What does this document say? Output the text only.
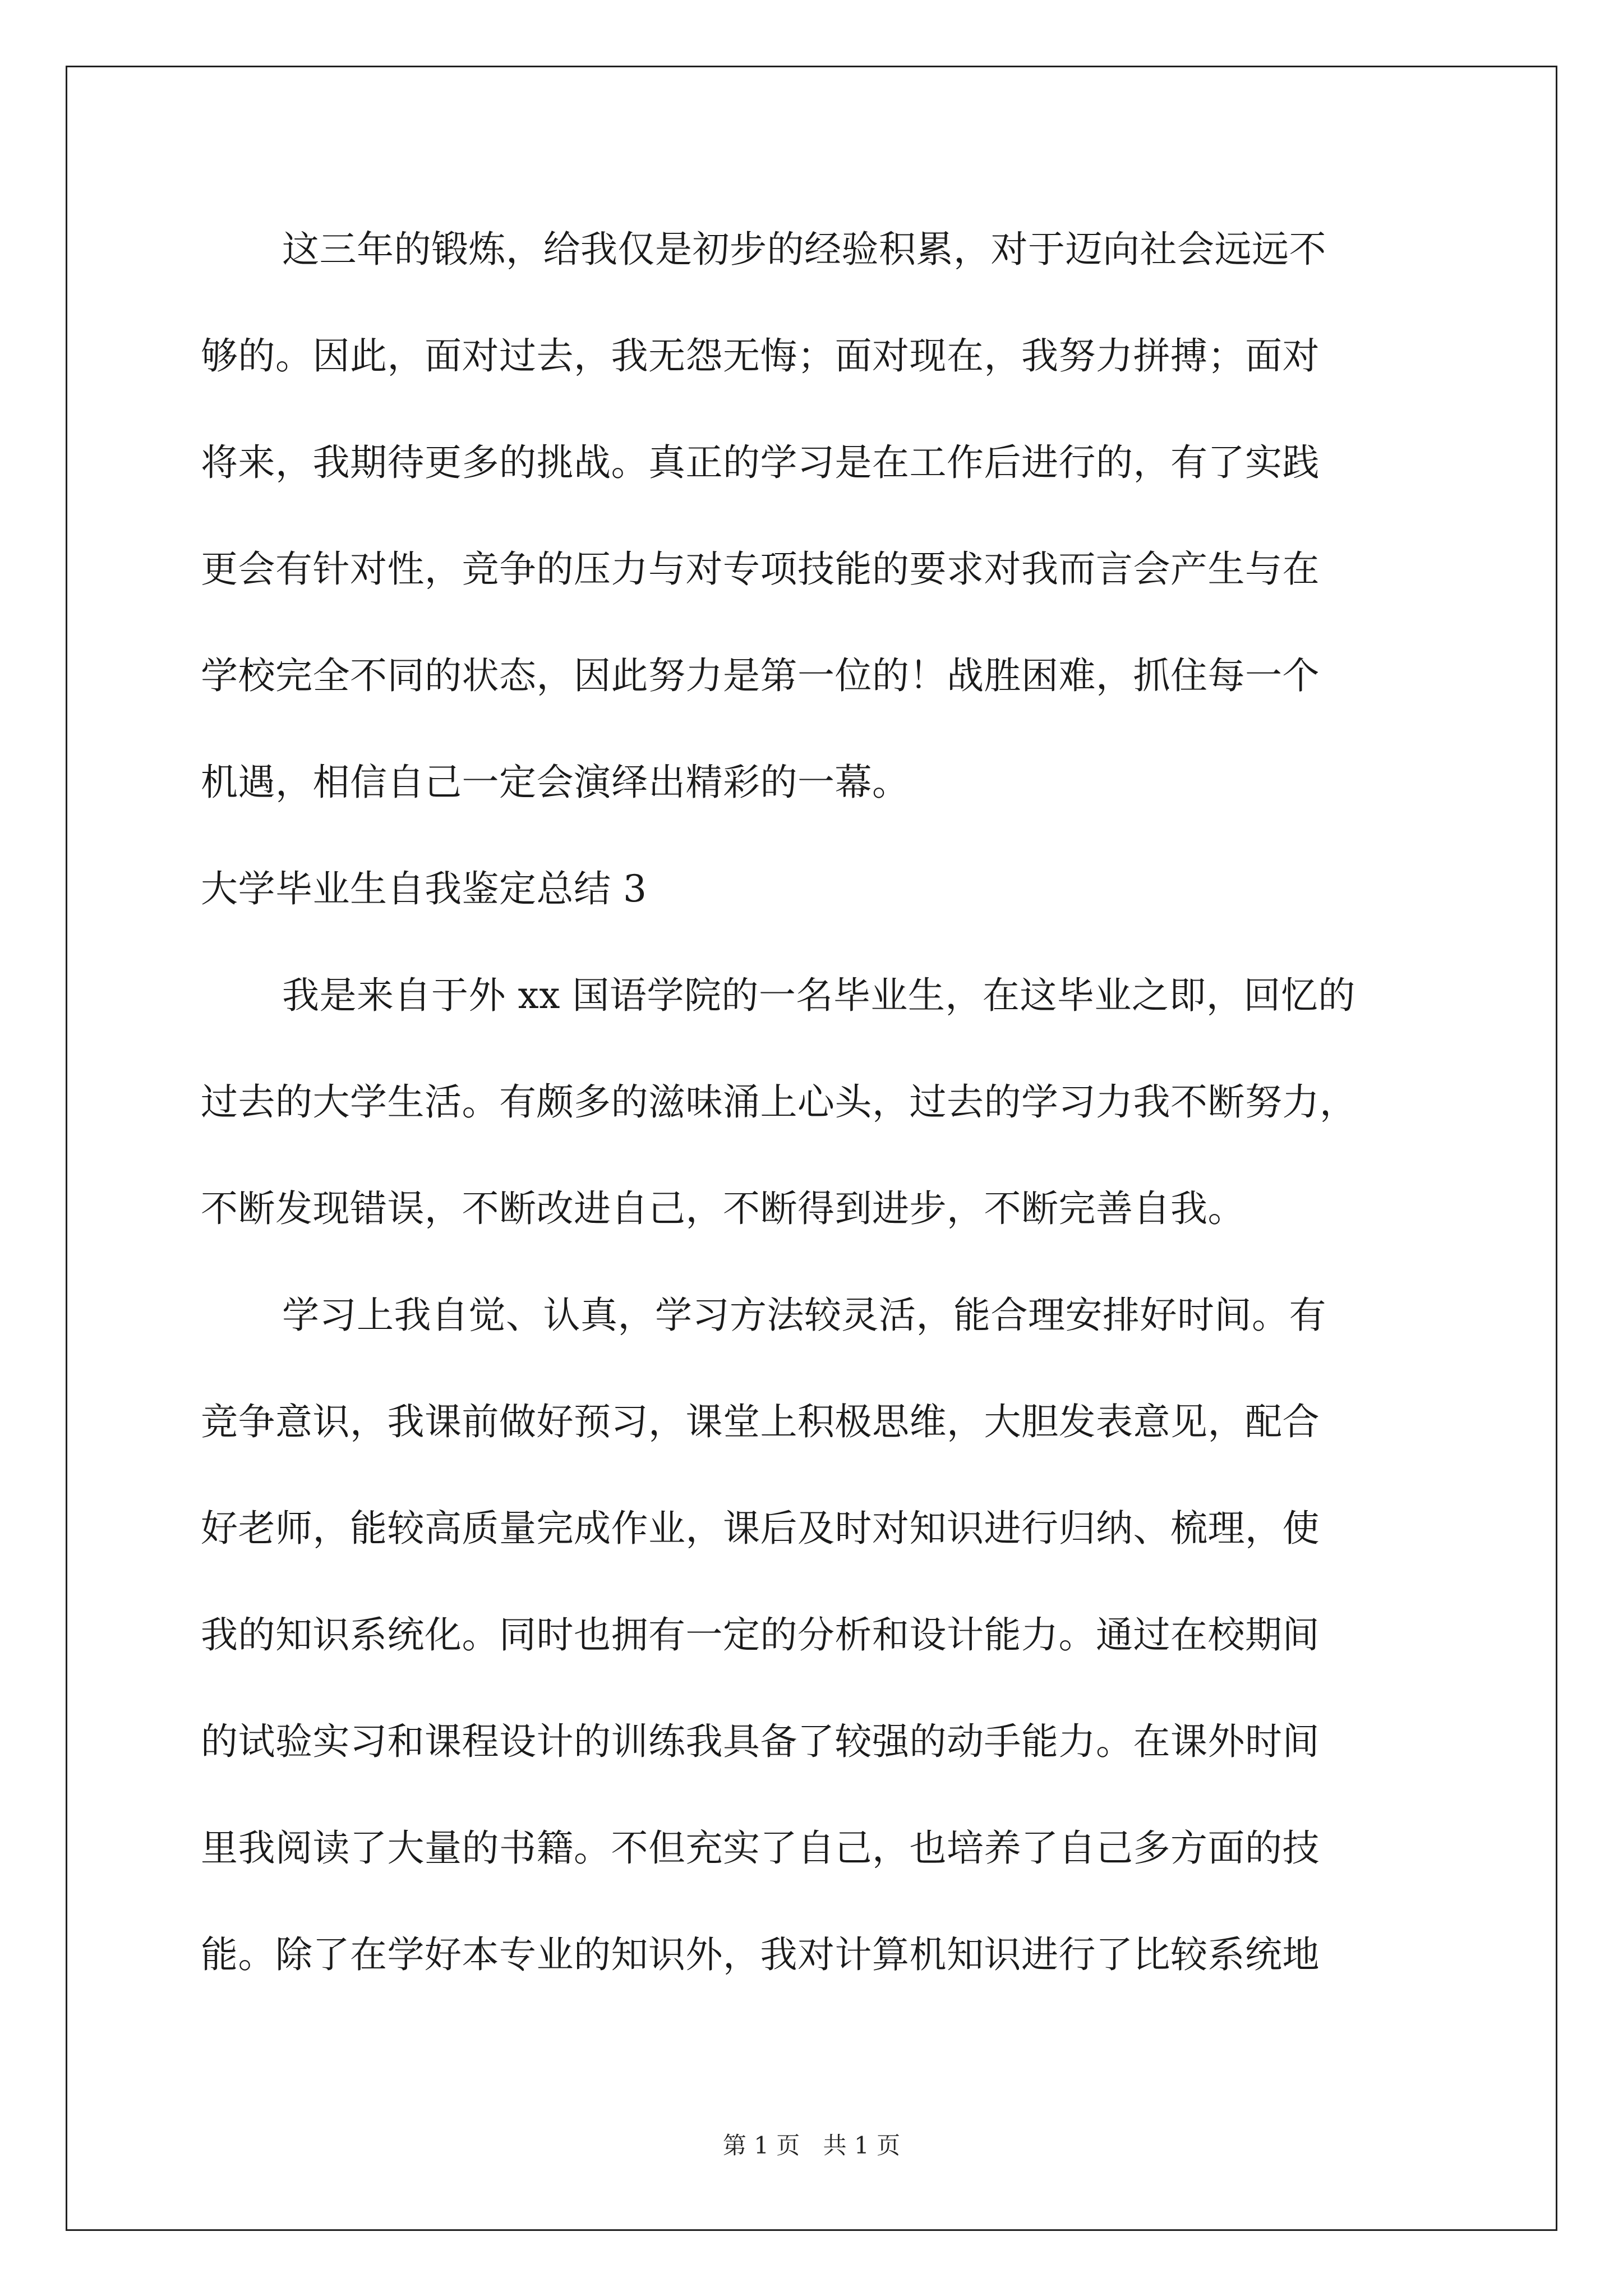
这三年的锻炼，给我仅是初步的经验积累，对于迈向社会远远不
够的。因此，面对过去，我无怨无悔；面对现在，我努力拼搏；面对
将来，我期待更多的挑战。真正的学习是在工作后进行的，有了实践
更会有针对性，竞争的压力与对专项技能的要求对我而言会产生与在
学校完全不同的状态，因此努力是第一位的！战胜困难，抓住每一个
机遇，相信自己一定会演绎出精彩的一幕。
大学毕业生自我鉴定总结 3
我是来自于外 xx 国语学院的一名毕业生，在这毕业之即，回忆的
过去的大学生活。有颇多的滋味涌上心头，过去的学习力我不断努力，
不断发现错误，不断改进自己，不断得到进步，不断完善自我。
学习上我自觉、认真，学习方法较灵活，能合理安排好时间。有
竞争意识，我课前做好预习，课堂上积极思维，大胆发表意见，配合
好老师，能较高质量完成作业，课后及时对知识进行归纳、梳理，使
我的知识系统化。同时也拥有一定的分析和设计能力。通过在校期间
的试验实习和课程设计的训练我具备了较强的动手能力。在课外时间
里我阅读了大量的书籍。不但充实了自己，也培养了自己多方面的技
能。除了在学好本专业的知识外，我对计算机知识进行了比较系统地
第 1 页 共 1 页
